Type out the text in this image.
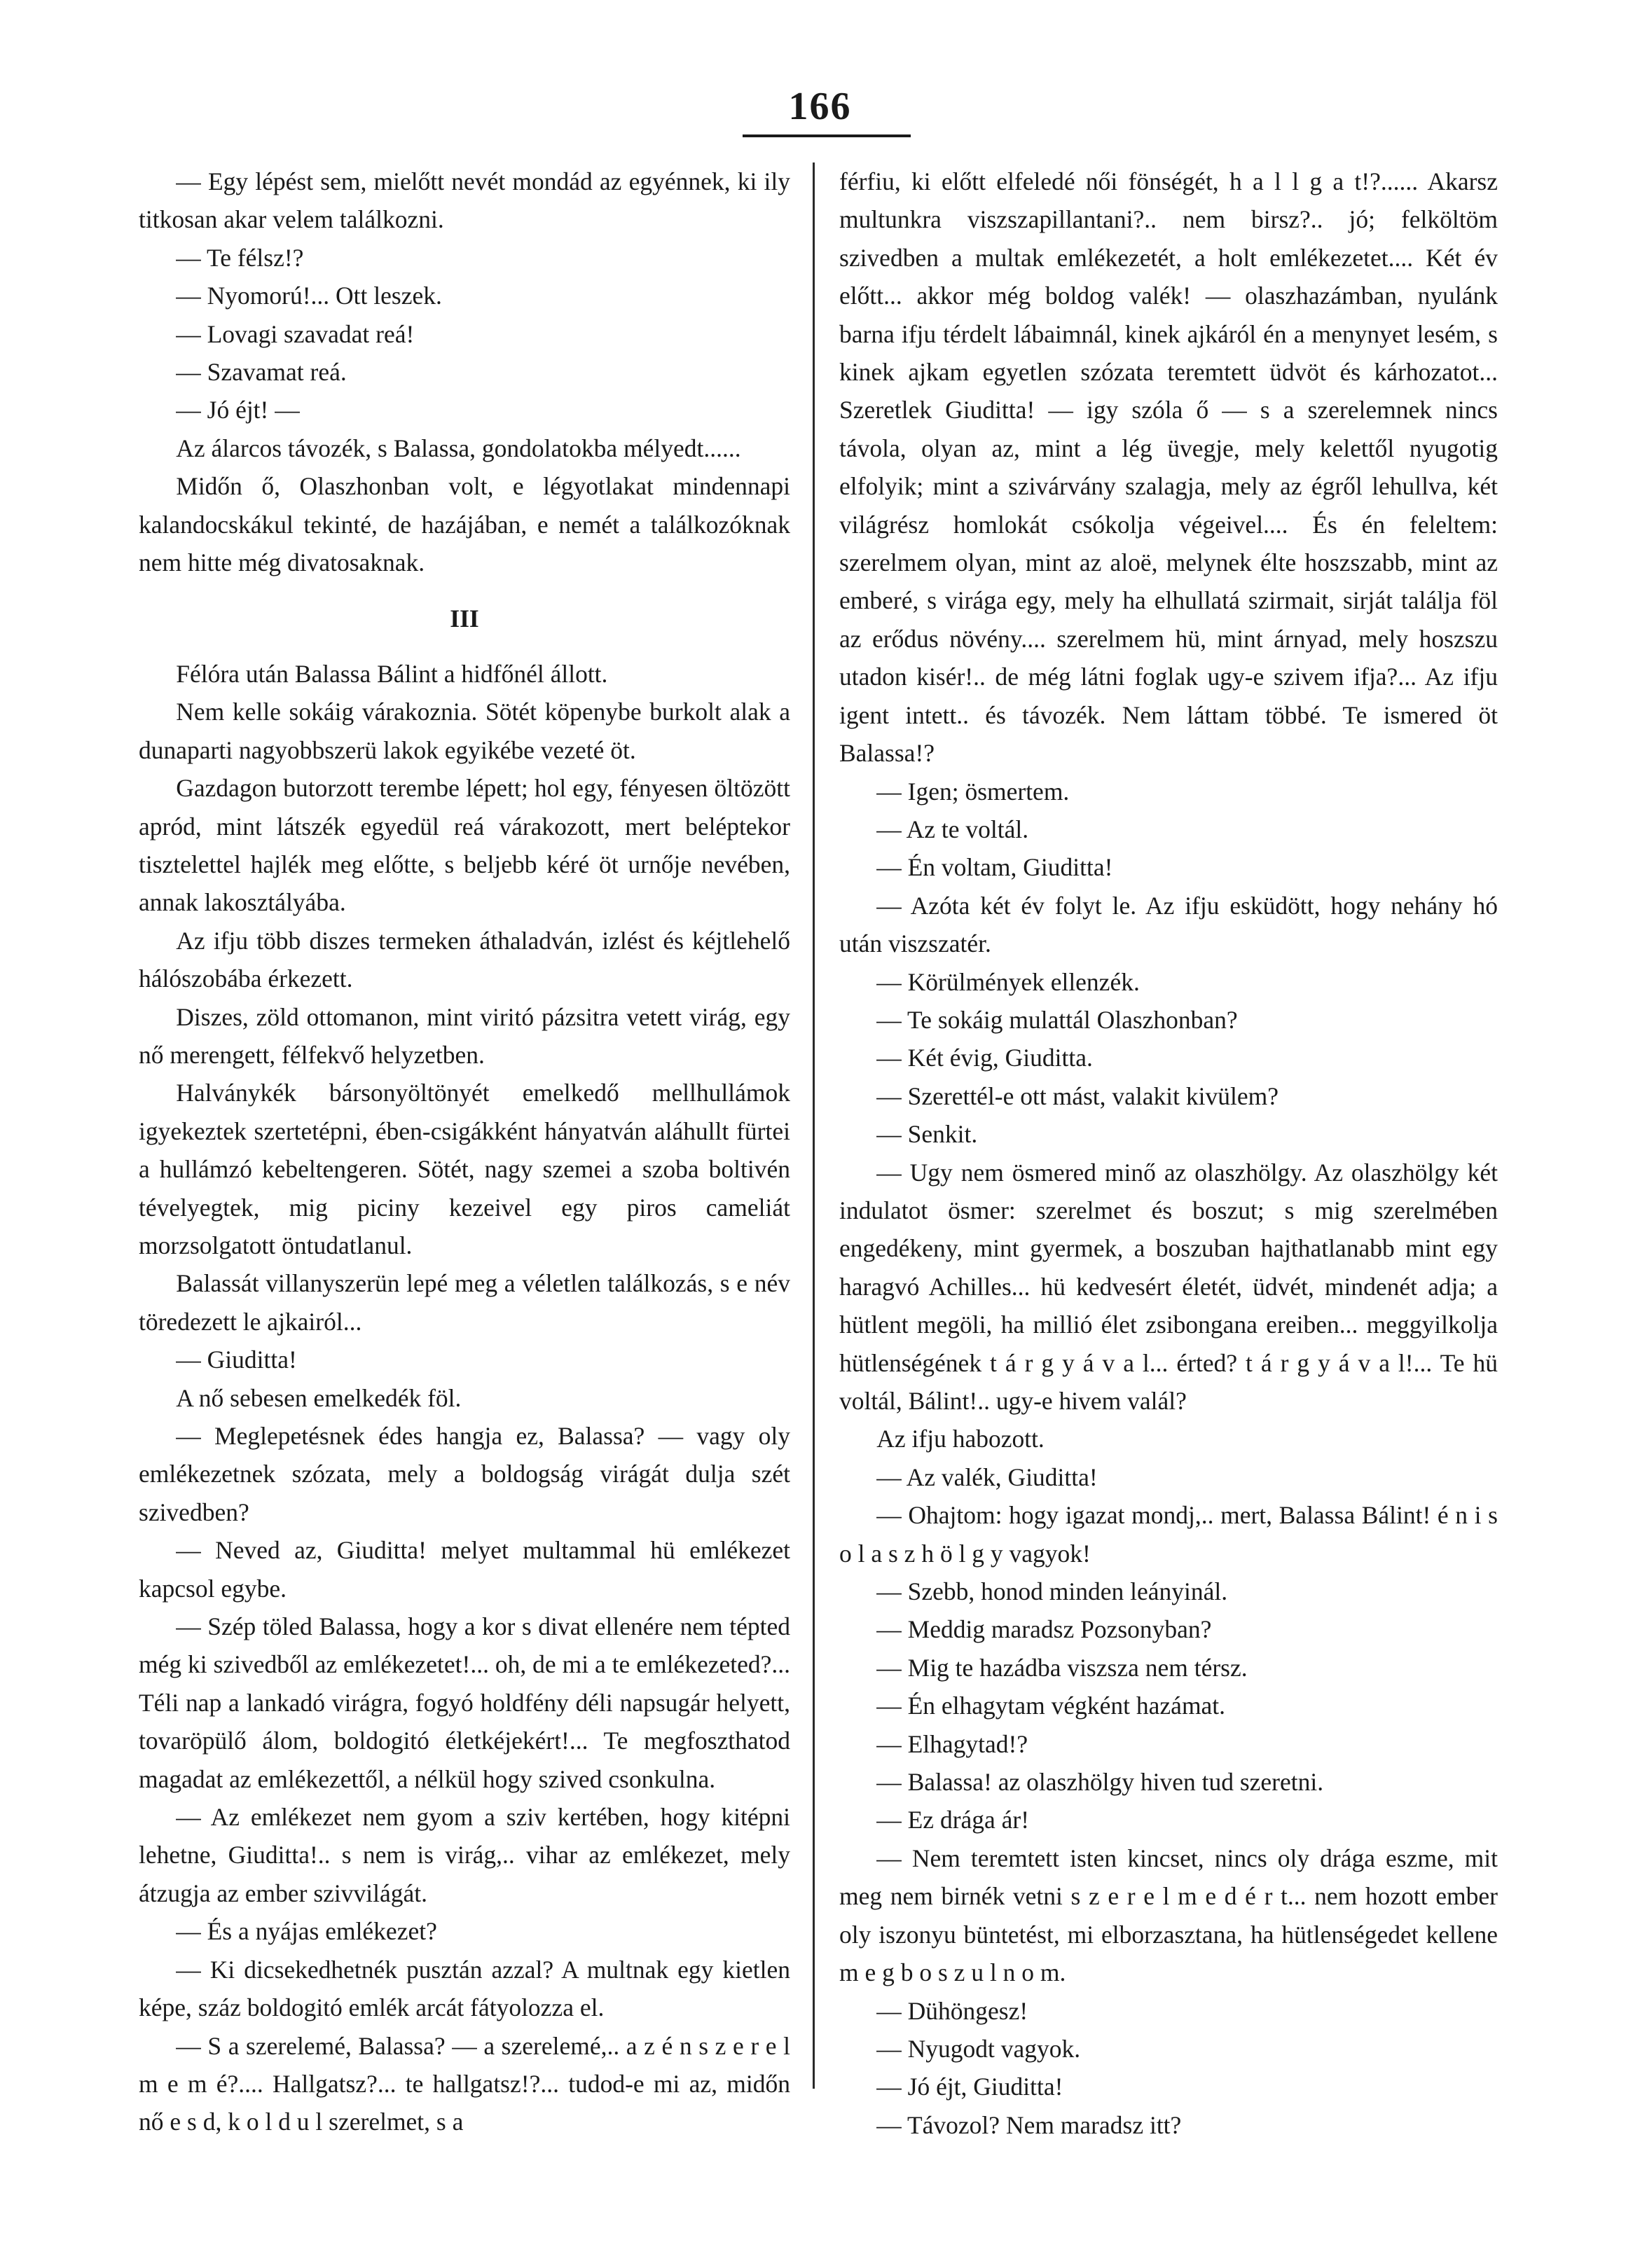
166

— Egy lépést sem, mielőtt nevét mondád az egyénnek, ki ily titkosan akar velem találkozni.

— Te félsz!?

— Nyomorú!... Ott leszek.

— Lovagi szavadat reá!

— Szavamat reá.

— Jó éjt! —

Az álarcos távozék, s Balassa, gondolatokba mélyedt......

Midőn ő, Olaszhonban volt, e légyotlakat mindennapi kalandocskákul tekinté, de hazájában, e nemét a találkozóknak nem hitte még divatosaknak.

III

Félóra után Balassa Bálint a hidfőnél állott.

Nem kelle sokáig várakoznia. Sötét köpenybe burkolt alak a dunaparti nagyobbszerü lakok egyikébe vezeté öt.

Gazdagon butorzott terembe lépett; hol egy, fényesen öltözött apród, mint látszék egyedül reá várakozott, mert beléptekor tisztelettel hajlék meg előtte, s beljebb kéré öt urnője nevében, annak lakosztályába.

Az ifju több diszes termeken áthaladván, izlést és kéjtlehelő hálószobába érkezett.

Diszes, zöld ottomanon, mint viritó pázsitra vetett virág, egy nő merengett, félfekvő helyzetben.

Halványkék bársonyöltönyét emelkedő mellhullámok igyekeztek szertetépni, ében-csigákként hányatván aláhullt fürtei a hullámzó kebeltengeren. Sötét, nagy szemei a szoba boltivén tévelyegtek, mig piciny kezeivel egy piros cameliát morzsolgatott öntudatlanul.

Balassát villanyszerün lepé meg a véletlen találkozás, s e név töredezett le ajkairól...

— Giuditta!

A nő sebesen emelkedék föl.

— Meglepetésnek édes hangja ez, Balassa? — vagy oly emlékezetnek szózata, mely a boldogság virágát dulja szét szivedben?

— Neved az, Giuditta! melyet multammal hü emlékezet kapcsol egybe.

— Szép töled Balassa, hogy a kor s divat ellenére nem tépted még ki szivedből az emlékezetet!... oh, de mi a te emlékezeted?... Téli nap a lankadó virágra, fogyó holdfény déli napsugár helyett, tovaröpülő álom, boldogitó életkéjekért!... Te megfoszthatod magadat az emlékezettől, a nélkül hogy szived csonkulna.

— Az emlékezet nem gyom a sziv kertében, hogy kitépni lehetne, Giuditta!.. s nem is virág,.. vihar az emlékezet, mely átzugja az ember szivvilágát.

— És a nyájas emlékezet?

— Ki dicsekedhetnék pusztán azzal? A multnak egy kietlen képe, száz boldogitó emlék arcát fátyolozza el.

— S a szerelemé, Balassa? — a szerelemé,.. a z é n s z e r e l m e m é?.... Hallgatsz?... te hallgatsz!?... tudod-e mi az, midőn nő e s d, k o l d u l szerelmet, s a

férfiu, ki előtt elfeledé női fönségét, h a l l g a t!?...... Akarsz multunkra viszszapillantani?.. nem birsz?.. jó; felköltöm szivedben a multak emlékezetét, a holt emlékezetet.... Két év előtt... akkor még boldog valék! — olaszhazámban, nyulánk barna ifju térdelt lábaimnál, kinek ajkáról én a menynyet lesém, s kinek ajkam egyetlen szózata teremtett üdvöt és kárhozatot... Szeretlek Giuditta! — igy szóla ő — s a szerelemnek nincs távola, olyan az, mint a lég üvegje, mely kelettől nyugotig elfolyik; mint a szivárvány szalagja, mely az égről lehullva, két világrész homlokát csókolja végeivel.... És én feleltem: szerelmem olyan, mint az aloë, melynek élte hoszszabb, mint az emberé, s virága egy, mely ha elhullatá szirmait, sirját találja föl az erődus növény.... szerelmem hü, mint árnyad, mely hoszszu utadon kisér!.. de még látni foglak ugy-e szivem ifja?... Az ifju igent intett.. és távozék. Nem láttam többé. Te ismered öt Balassa!?

— Igen; ösmertem.

— Az te voltál.

— Én voltam, Giuditta!

— Azóta két év folyt le. Az ifju esküdött, hogy nehány hó után viszszatér.

— Körülmények ellenzék.

— Te sokáig mulattál Olaszhonban?

— Két évig, Giuditta.

— Szerettél-e ott mást, valakit kivülem?

— Senkit.

— Ugy nem ösmered minő az olaszhölgy. Az olaszhölgy két indulatot ösmer: szerelmet és boszut; s mig szerelmében engedékeny, mint gyermek, a boszuban hajthatlanabb mint egy haragvó Achilles... hü kedvesért életét, üdvét, mindenét adja; a hütlent megöli, ha millió élet zsibongana ereiben... meggyilkolja hütlenségének t á r g y á v a l... érted? t á r g y á v a l!... Te hü voltál, Bálint!.. ugy-e hivem valál?

Az ifju habozott.

— Az valék, Giuditta!

— Ohajtom: hogy igazat mondj,.. mert, Balassa Bálint! é n i s o l a s z h ö l g y vagyok!

— Szebb, honod minden leányinál.

— Meddig maradsz Pozsonyban?

— Mig te hazádba viszsza nem térsz.

— Én elhagytam végként hazámat.

— Elhagytad!?

— Balassa! az olaszhölgy hiven tud szeretni.

— Ez drága ár!

— Nem teremtett isten kincset, nincs oly drága eszme, mit meg nem birnék vetni s z e r e l m e d é r t... nem hozott ember oly iszonyu büntetést, mi elborzasztana, ha hütlenségedet kellene m e g b o s z u l n o m.

— Dühöngesz!

— Nyugodt vagyok.

— Jó éjt, Giuditta!

— Távozol? Nem maradsz itt?
